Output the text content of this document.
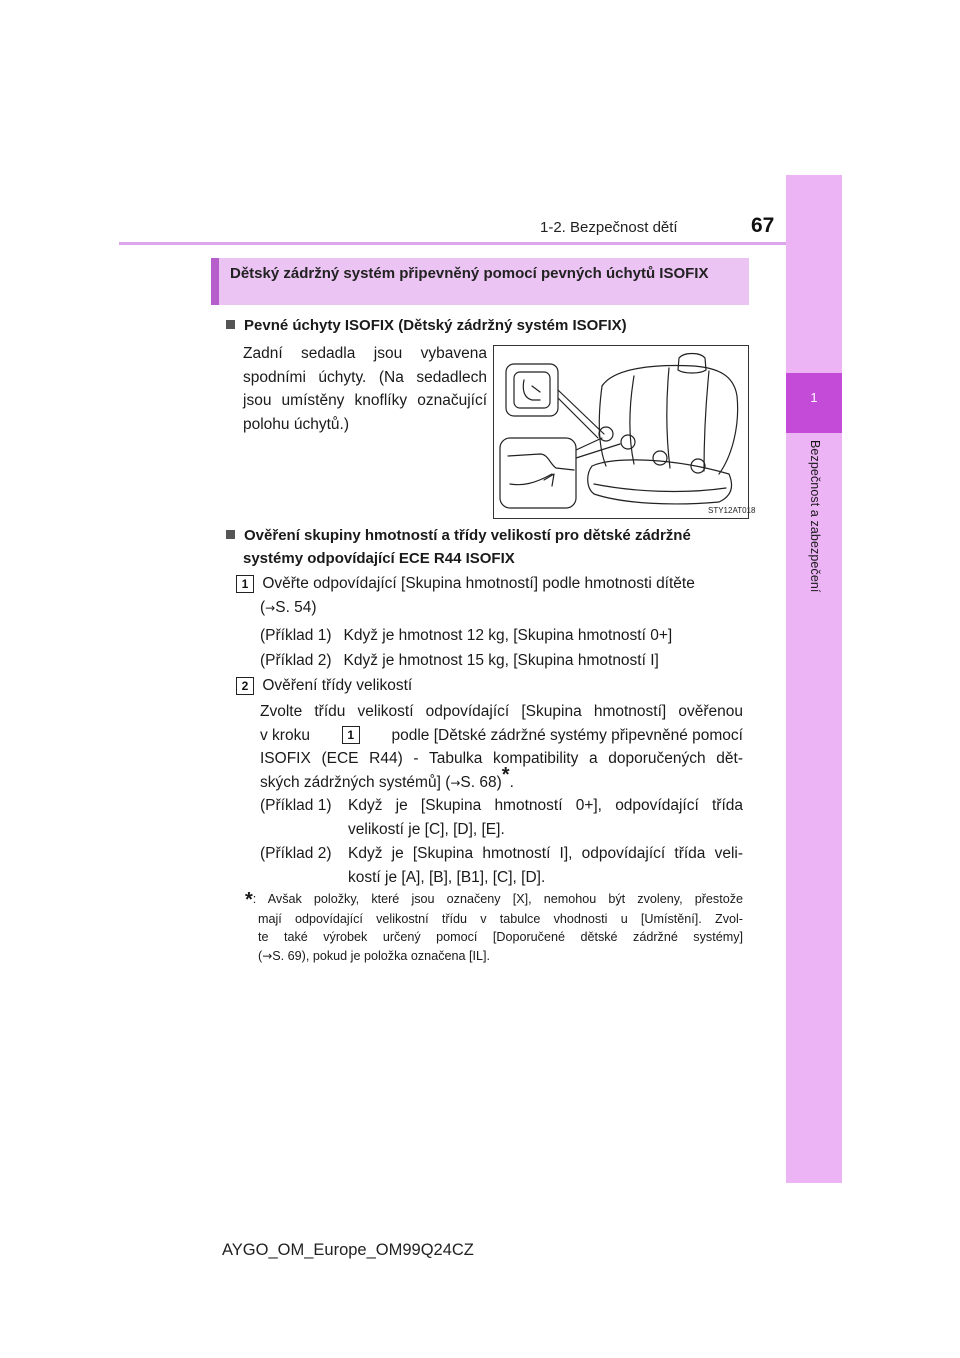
1-2. Bezpečnost dětí	67
1
Bezpečnost a zabezpečení
Dětský zádržný systém připevněný pomocí pevných úchytů ISOFIX
Pevné úchyty ISOFIX (Dětský zádržný systém ISOFIX)
Zadní sedadla jsou vybavena
spodními úchyty. (Na sedadlech
jsou umístěny knoflíky označující
polohu úchytů.)
STY12AT018
Ověření skupiny hmotností a třídy velikostí pro dětské zádržné
systémy odpovídající ECE R44 ISOFIX
1 Ověřte odpovídající [Skupina hmotností] podle hmotnosti dítěte
(→S. 54)
(Příklad 1) Když je hmotnost 12 kg, [Skupina hmotností 0+]
(Příklad 2) Když je hmotnost 15 kg, [Skupina hmotností I]
2 Ověření třídy velikostí
Zvolte třídu velikostí odpovídající [Skupina hmotností] ověřenou
v kroku	1	podle [Dětské zádržné systémy připevněné pomocí
ISOFIX (ECE R44) - Tabulka kompatibility a doporučených dět-
ských zádržných systémů] (→S. 68)*.
(Příklad 1)	Když je [Skupina hmotností 0+], odpovídající třída
velikostí je [C], [D], [E].
(Příklad 2)	Když je [Skupina hmotností I], odpovídající třída veli-
kostí je [A], [B], [B1], [C], [D].
*: Avšak položky, které jsou označeny [X], nemohou být zvoleny, přestože
mají odpovídající velikostní třídu v tabulce vhodnosti u [Umístění]. Zvol-
te také výrobek určený pomocí [Doporučené dětské zádržné systémy]
(→S. 69), pokud je položka označena [IL].
AYGO_OM_Europe_OM99Q24CZ
